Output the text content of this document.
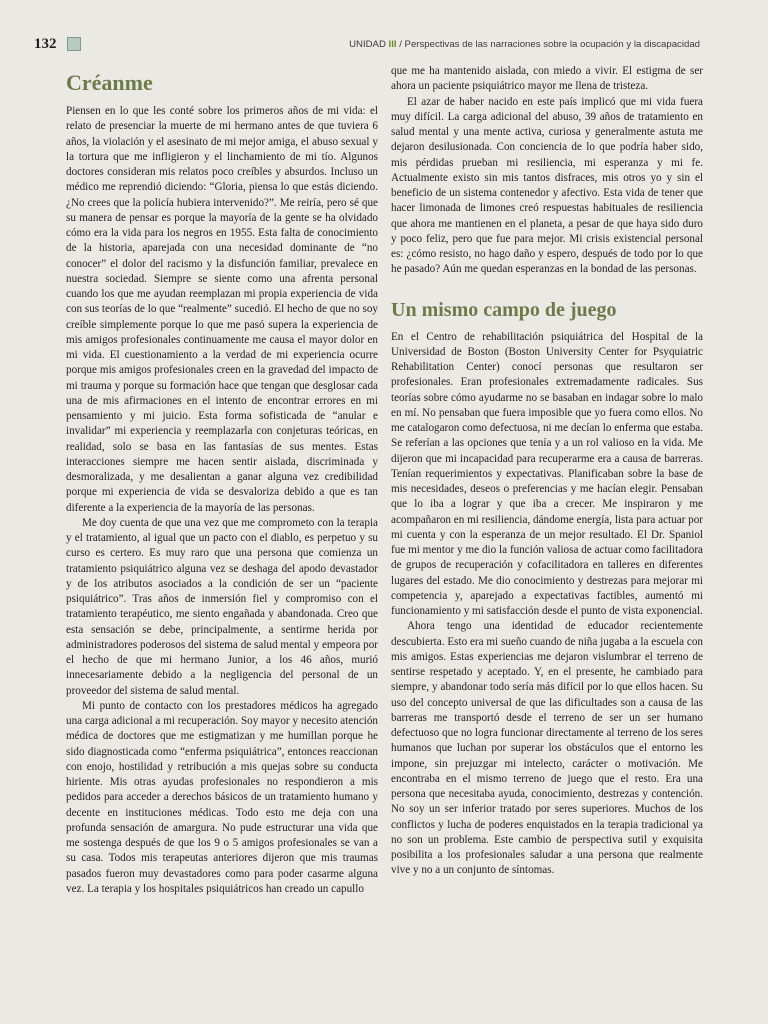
132	UNIDAD III / Perspectivas de las narraciones sobre la ocupación y la discapacidad
Créanme

Piensen en lo que les conté sobre los primeros años de mi vida: el relato de presenciar la muerte de mi hermano antes de que tuviera 6 años, la violación y el asesinato de mi mejor amiga, el abuso sexual y la tortura que me infligieron y el linchamiento de mi tío. Algunos doctores consideran mis relatos poco creíbles y absurdos. Incluso un médico me reprendió diciendo: “Gloria, piensa lo que estás diciendo. ¿No crees que la policía hubiera intervenido?”. Me reiría, pero sé que su manera de pensar es porque la mayoría de la gente se ha olvidado cómo era la vida para los negros en 1955. Esta falta de conocimiento de la historia, aparejada con una necesidad dominante de “no conocer” el dolor del racismo y la disfunción familiar, prevalece en nuestra sociedad. Siempre se siente como una afrenta personal cuando los que me ayudan reemplazan mi propia experiencia de vida con sus teorías de lo que “realmente” sucedió. El hecho de que no soy creíble simplemente porque lo que me pasó supera la experiencia de mis amigos profesionales continuamente me causa el mayor dolor en mi vida. El cuestionamiento a la verdad de mi experiencia ocurre porque mis amigos profesionales creen en la gravedad del impacto de mi trauma y porque su formación hace que tengan que desglosar cada una de mis afirmaciones en el intento de encontrar errores en mi pensamiento y mi juicio. Esta forma sofisticada de “anular e invalidar” mi experiencia y reemplazarla con conjeturas teóricas, en realidad, solo se basa en las fantasías de sus mentes. Estas interacciones siempre me hacen sentir aislada, discriminada y desmoralizada, y me desalientan a ganar alguna vez credibilidad porque mi experiencia de vida se desvaloriza debido a que es tan diferente a la experiencia de la mayoría de las personas.

Me doy cuenta de que una vez que me comprometo con la terapia y el tratamiento, al igual que un pacto con el diablo, es perpetuo y su curso es certero. Es muy raro que una persona que comienza un tratamiento psiquiátrico alguna vez se deshaga del apodo devastador y de los atributos asociados a la condición de ser un “paciente psiquiátrico”. Tras años de inmersión fiel y compromiso con el tratamiento terapéutico, me siento engañada y abandonada. Creo que esta sensación se debe, principalmente, a sentirme herida por administradores poderosos del sistema de salud mental y empeora por el hecho de que mi hermano Junior, a los 46 años, murió innecesariamente debido a la negligencia del personal de un proveedor del sistema de salud mental.

Mi punto de contacto con los prestadores médicos ha agregado una carga adicional a mi recuperación. Soy mayor y necesito atención médica de doctores que me estigmatizan y me humillan porque he sido diagnosticada como “enferma psiquiátrica”, entonces reaccionan con enojo, hostilidad y retribución a mis quejas sobre su conducta hiriente. Mis otras ayudas profesionales no respondieron a mis pedidos para acceder a derechos básicos de un tratamiento humano y decente en instituciones médicas. Todo esto me deja con una profunda sensación de amargura. No pude estructurar una vida que me sostenga después de que los 9 o 5 amigos profesionales se van a su casa. Todos mis terapeutas anteriores dijeron que mis traumas pasados fueron muy devastadores como para poder casarme alguna vez. La terapia y los hospitales psiquiátricos han creado un capullo

que me ha mantenido aislada, con miedo a vivir. El estigma de ser ahora un paciente psiquiátrico mayor me llena de tristeza.

El azar de haber nacido en este país implicó que mi vida fuera muy difícil. La carga adicional del abuso, 39 años de tratamiento en salud mental y una mente activa, curiosa y generalmente astuta me dejaron desilusionada. Con conciencia de lo que podría haber sido, mis pérdidas prueban mi resiliencia, mi esperanza y mi fe. Actualmente existo sin mis tantos disfraces, mis otros yo y sin el beneficio de un sistema contenedor y afectivo. Esta vida de tener que hacer limonada de limones creó respuestas habituales de resiliencia que ahora me mantienen en el planeta, a pesar de que haya sido duro y poco feliz, pero que fue para mejor. Mi crisis existencial personal es: ¿cómo resisto, no hago daño y espero, después de todo por lo que he pasado? Aún me quedan esperanzas en la bondad de las personas.

Un mismo campo de juego

En el Centro de rehabilitación psiquiátrica del Hospital de la Universidad de Boston (Boston University Center for Psyquiatric Rehabilitation Center) conocí personas que resultaron ser profesionales. Eran profesionales extremadamente radicales. Sus teorías sobre cómo ayudarme no se basaban en indagar sobre lo malo en mí. No pensaban que fuera imposible que yo fuera como ellos. No me catalogaron como defectuosa, ni me decían lo enferma que estaba. Se referían a las opciones que tenía y a un rol valioso en la vida. Me dijeron que mi incapacidad para recuperarme era a causa de barreras. Tenían requerimientos y expectativas. Planificaban sobre la base de mis necesidades, deseos o preferencias y me hacían elegir. Pensaban que lo iba a lograr y que iba a crecer. Me inspiraron y me acompañaron en mi resiliencia, dándome energía, lista para actuar por mi cuenta y con la esperanza de un mejor resultado. El Dr. Spaniol fue mi mentor y me dio la función valiosa de actuar como facilitadora de grupos de recuperación y cofacilitadora en talleres en diferentes lugares del estado. Me dio conocimiento y destrezas para mejorar mi competencia y, aparejado a expectativas factibles, aumentó mi funcionamiento y mi satisfacción desde el punto de vista exponencial.

Ahora tengo una identidad de educador recientemente descubierta. Esto era mi sueño cuando de niña jugaba a la escuela con mis amigos. Estas experiencias me dejaron vislumbrar el terreno de sentirse respetado y aceptado. Y, en el presente, he cambiado para siempre, y abandonar todo sería más difícil por lo que ellos hacen. Su uso del concepto universal de que las dificultades son a causa de las barreras me transportó desde el terreno de ser un ser humano defectuoso que no logra funcionar directamente al terreno de los seres humanos que luchan por superar los obstáculos que el entorno les impone, sin prejuzgar mi intelecto, carácter o motivación. Me encontraba en el mismo terreno de juego que el resto. Era una persona que necesitaba ayuda, conocimiento, destrezas y contención. No soy un ser inferior tratado por seres superiores. Muchos de los conflictos y lucha de poderes enquistados en la terapia tradicional ya no son un problema. Este cambio de perspectiva sutil y exquisita posibilita a los profesionales saludar a una persona que realmente vive y no a un conjunto de síntomas.
